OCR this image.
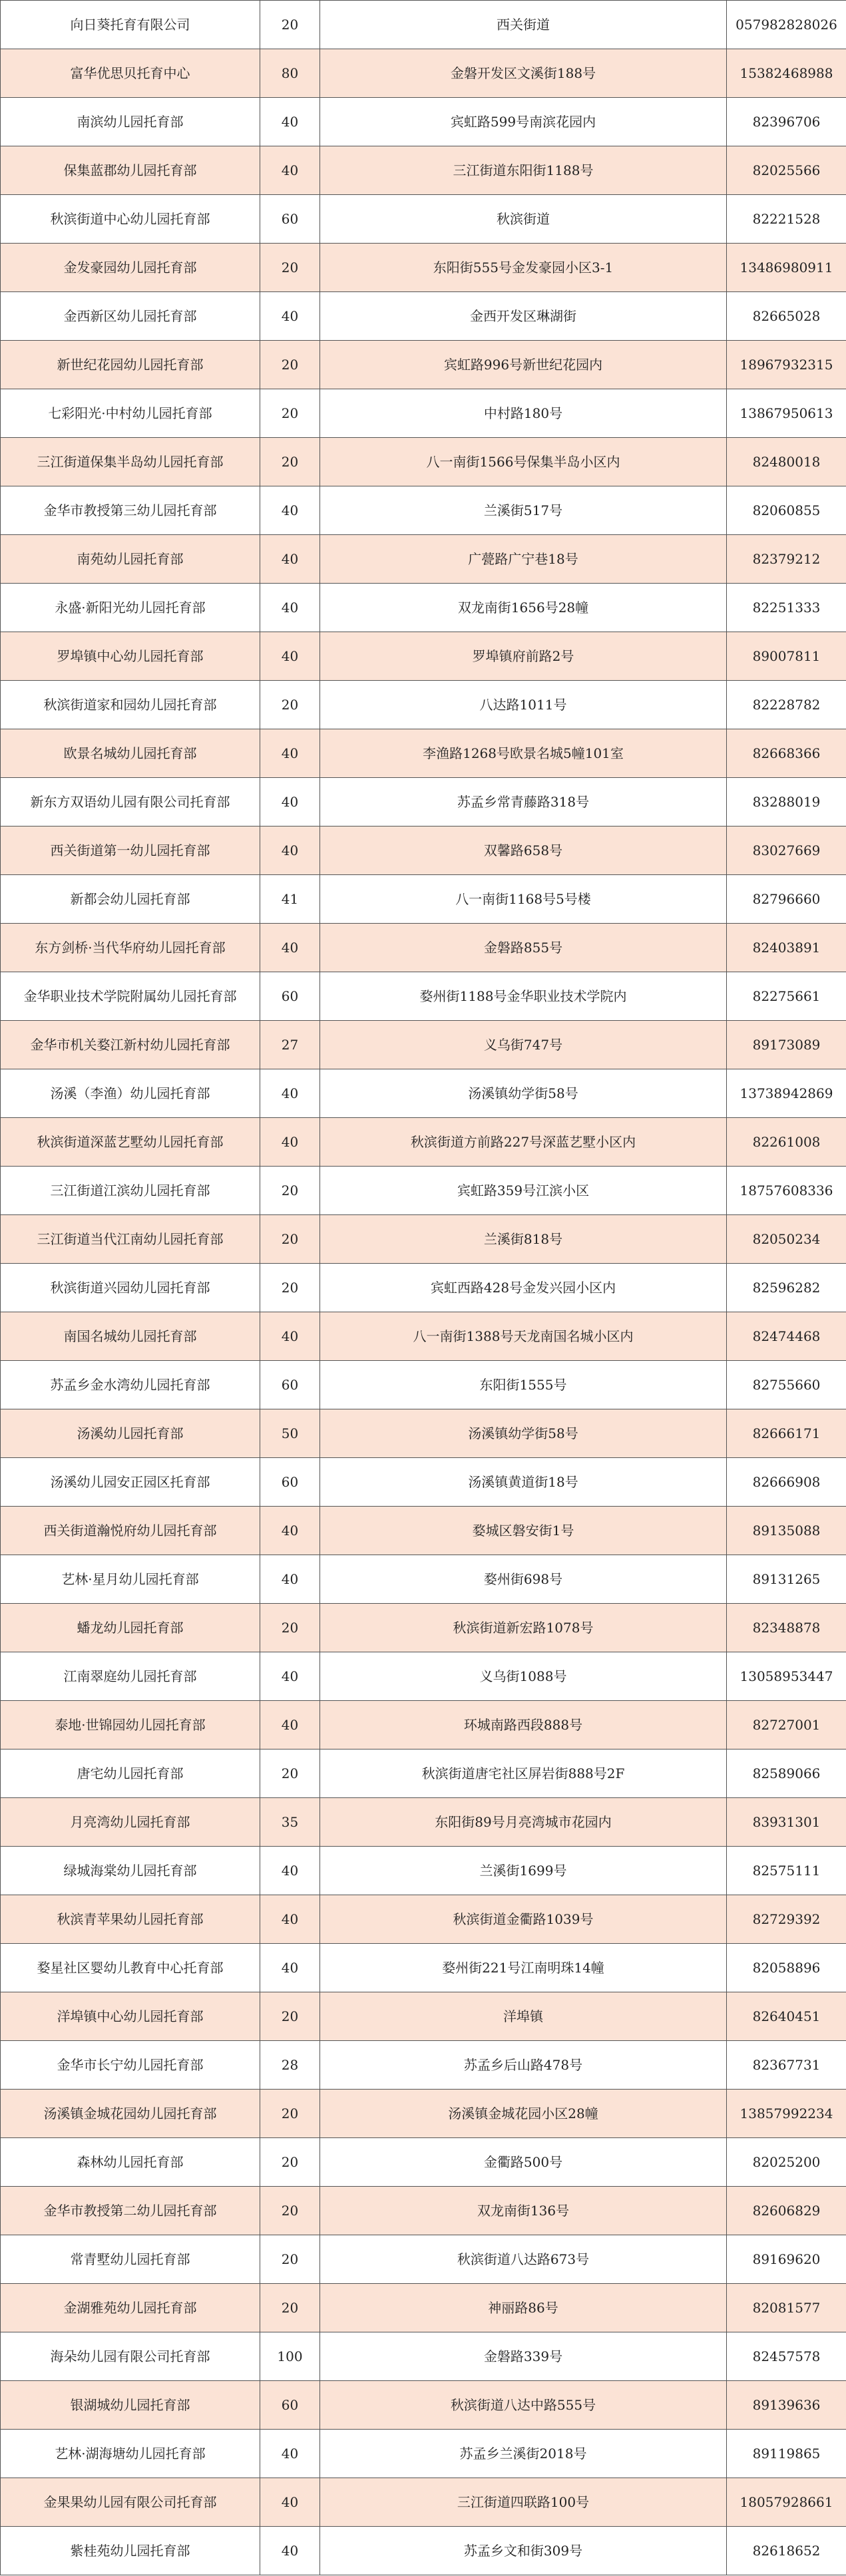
向日葵托育有限公司	20	西关街道	057982828026
富华优思贝托育中心	80	金磐开发区文溪街188号	15382468988
南滨幼儿园托育部	40	宾虹路599号南滨花园内	82396706
保集蓝郡幼儿园托育部	40	三江街道东阳街1188号	82025566
秋滨街道中心幼儿园托育部	60	秋滨街道	82221528
金发豪园幼儿园托育部	20	东阳街555号金发豪园小区3-1	13486980911
金西新区幼儿园托育部	40	金西开发区琳湖街	82665028
新世纪花园幼儿园托育部	20	宾虹路996号新世纪花园内	18967932315
七彩阳光·中村幼儿园托育部	20	中村路180号	13867950613
三江街道保集半岛幼儿园托育部	20	八一南街1566号保集半岛小区内	82480018
金华市教授第三幼儿园托育部	40	兰溪街517号	82060855
南苑幼儿园托育部	40	广甍路广宁巷18号	82379212
永盛·新阳光幼儿园托育部	40	双龙南街1656号28幢	82251333
罗埠镇中心幼儿园托育部	40	罗埠镇府前路2号	89007811
秋滨街道家和园幼儿园托育部	20	八达路1011号	82228782
欧景名城幼儿园托育部	40	李渔路1268号欧景名城5幢101室	82668366
新东方双语幼儿园有限公司托育部	40	苏孟乡常青藤路318号	83288019
西关街道第一幼儿园托育部	40	双馨路658号	83027669
新都会幼儿园托育部	41	八一南街1168号5号楼	82796660
东方剑桥·当代华府幼儿园托育部	40	金磐路855号	82403891
金华职业技术学院附属幼儿园托育部	60	婺州街1188号金华职业技术学院内	82275661
金华市机关婺江新村幼儿园托育部	27	义乌街747号	89173089
汤溪（李渔）幼儿园托育部	40	汤溪镇幼学街58号	13738942869
秋滨街道深蓝艺墅幼儿园托育部	40	秋滨街道方前路227号深蓝艺墅小区内	82261008
三江街道江滨幼儿园托育部	20	宾虹路359号江滨小区	18757608336
三江街道当代江南幼儿园托育部	20	兰溪街818号	82050234
秋滨街道兴园幼儿园托育部	20	宾虹西路428号金发兴园小区内	82596282
南国名城幼儿园托育部	40	八一南街1388号天龙南国名城小区内	82474468
苏孟乡金水湾幼儿园托育部	60	东阳街1555号	82755660
汤溪幼儿园托育部	50	汤溪镇幼学街58号	82666171
汤溪幼儿园安正园区托育部	60	汤溪镇黄道街18号	82666908
西关街道瀚悦府幼儿园托育部	40	婺城区磐安街1号	89135088
艺林·星月幼儿园托育部	40	婺州街698号	89131265
蟠龙幼儿园托育部	20	秋滨街道新宏路1078号	82348878
江南翠庭幼儿园托育部	40	义乌街1088号	13058953447
泰地·世锦园幼儿园托育部	40	环城南路西段888号	82727001
唐宅幼儿园托育部	20	秋滨街道唐宅社区屏岩街888号2F	82589066
月亮湾幼儿园托育部	35	东阳街89号月亮湾城市花园内	83931301
绿城海棠幼儿园托育部	40	兰溪街1699号	82575111
秋滨青苹果幼儿园托育部	40	秋滨街道金衢路1039号	82729392
婺星社区婴幼儿教育中心托育部	40	婺州街221号江南明珠14幢	82058896
洋埠镇中心幼儿园托育部	20	洋埠镇	82640451
金华市长宁幼儿园托育部	28	苏孟乡后山路478号	82367731
汤溪镇金城花园幼儿园托育部	20	汤溪镇金城花园小区28幢	13857992234
森林幼儿园托育部	20	金衢路500号	82025200
金华市教授第二幼儿园托育部	20	双龙南街136号	82606829
常青墅幼儿园托育部	20	秋滨街道八达路673号	89169620
金湖雅苑幼儿园托育部	20	神丽路86号	82081577
海朵幼儿园有限公司托育部	100	金磐路339号	82457578
银湖城幼儿园托育部	60	秋滨街道八达中路555号	89139636
艺林·湖海塘幼儿园托育部	40	苏孟乡兰溪街2018号	89119865
金果果幼儿园有限公司托育部	40	三江街道四联路100号	18057928661
紫桂苑幼儿园托育部	40	苏孟乡文和街309号	82618652
